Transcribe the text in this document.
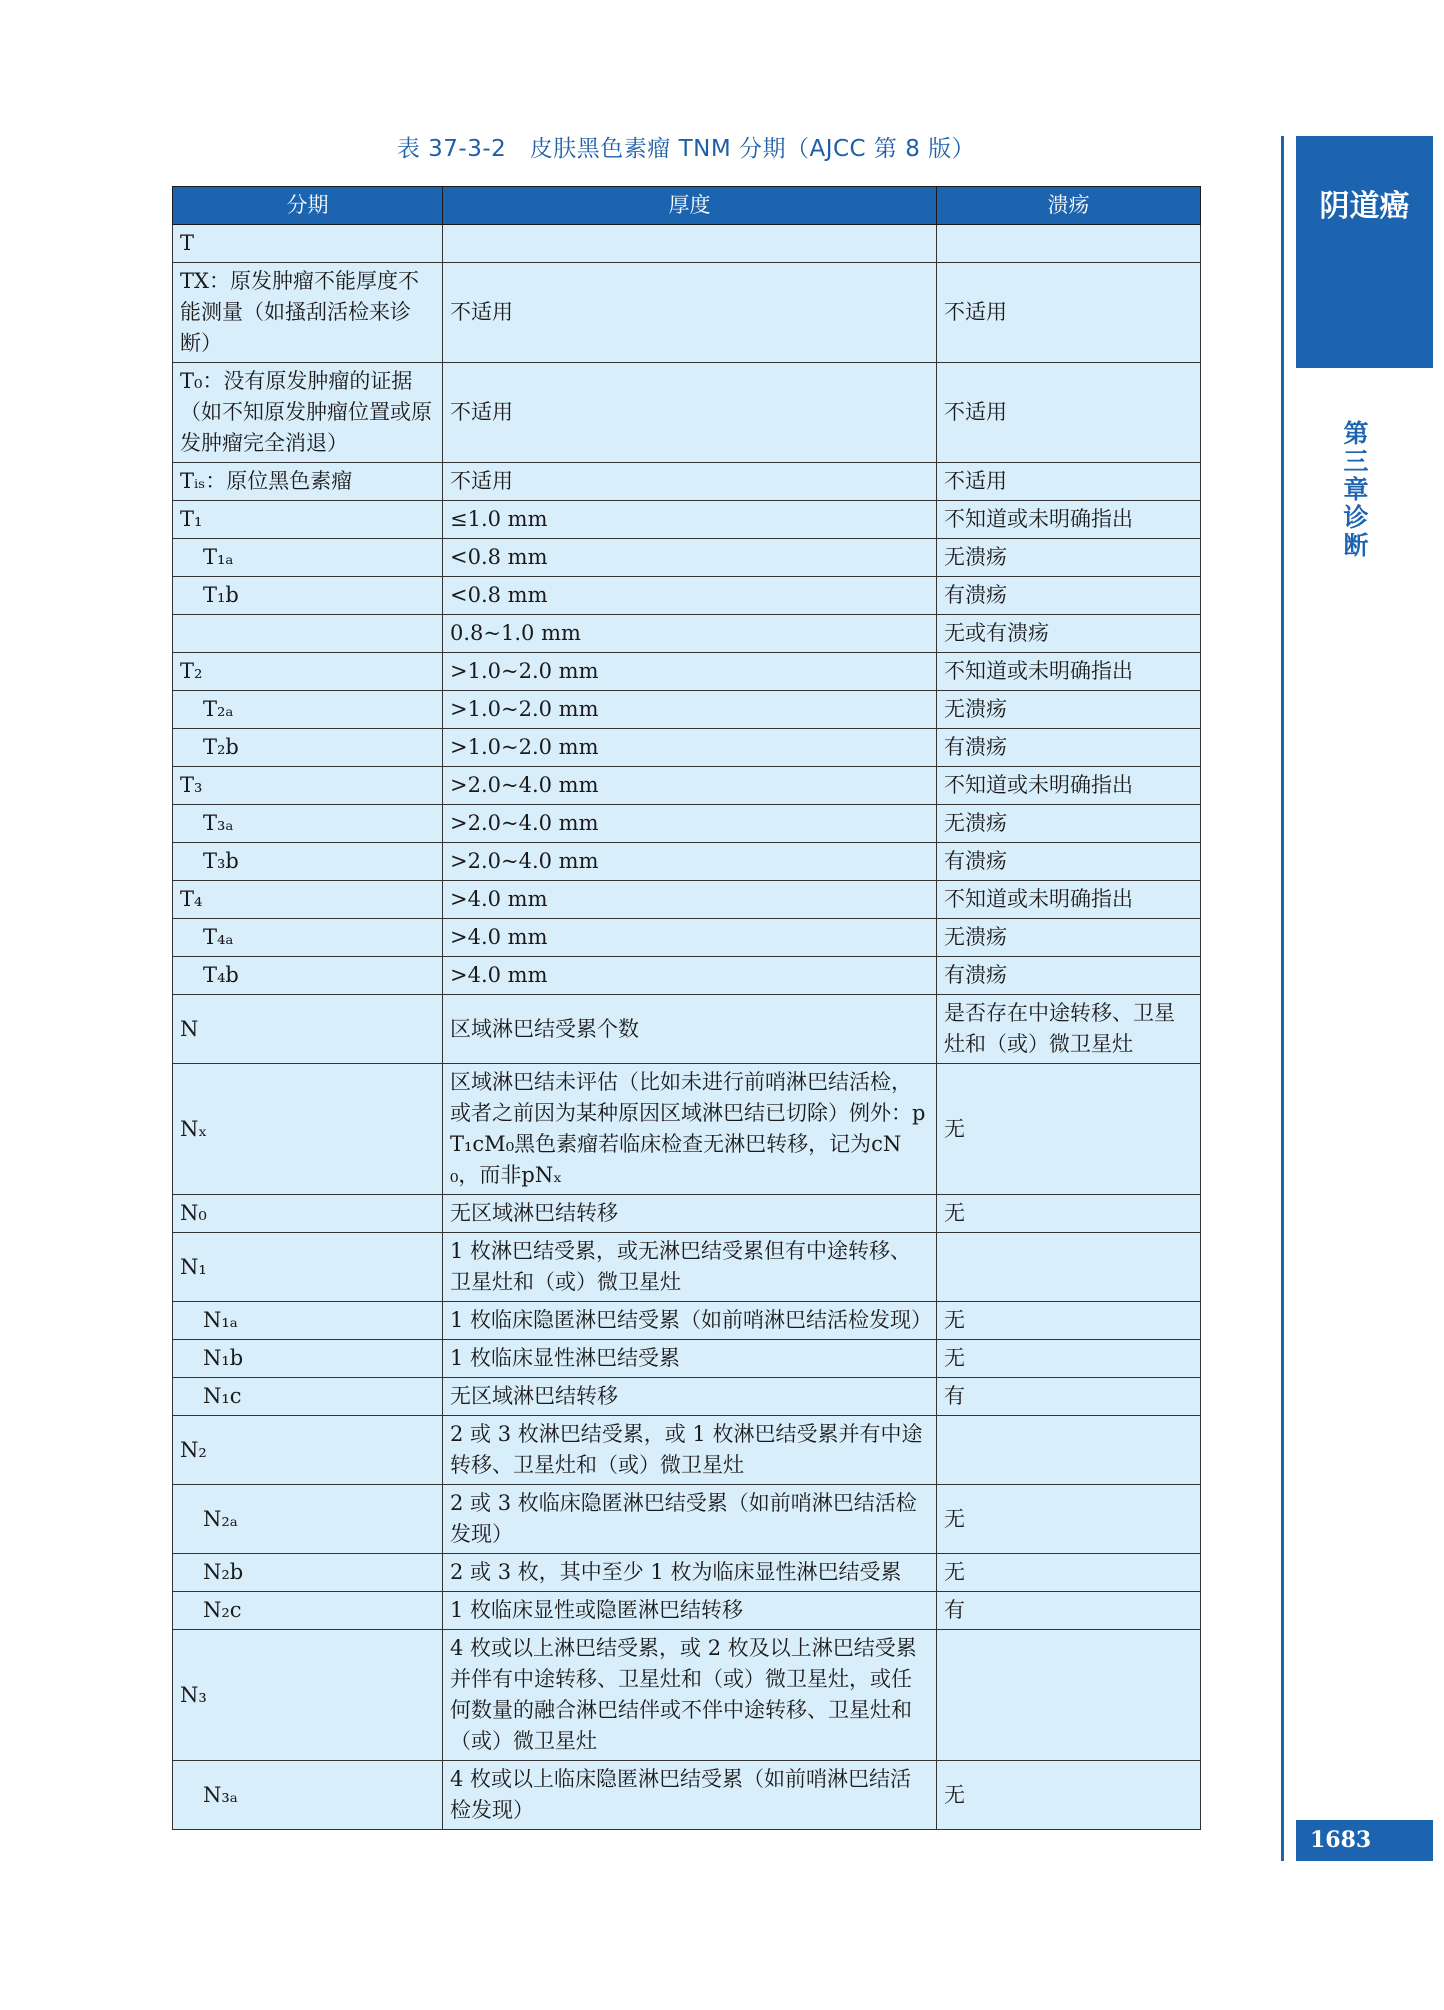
表 37-3-2　皮肤黑色素瘤 TNM 分期（AJCC 第 8 版）
分期	厚度	溃疡
T		
TX：原发肿瘤不能厚度不能测量（如搔刮活检来诊断）	不适用	不适用
T₀：没有原发肿瘤的证据（如不知原发肿瘤位置或原发肿瘤完全消退）	不适用	不适用
Tᵢₛ：原位黑色素瘤	不适用	不适用
T₁	≤1.0 mm	不知道或未明确指出
T₁ₐ	<0.8 mm	无溃疡
T₁b	<0.8 mm	有溃疡
	0.8~1.0 mm	无或有溃疡
T₂	>1.0~2.0 mm	不知道或未明确指出
T₂ₐ	>1.0~2.0 mm	无溃疡
T₂b	>1.0~2.0 mm	有溃疡
T₃	>2.0~4.0 mm	不知道或未明确指出
T₃ₐ	>2.0~4.0 mm	无溃疡
T₃b	>2.0~4.0 mm	有溃疡
T₄	>4.0 mm	不知道或未明确指出
T₄ₐ	>4.0 mm	无溃疡
T₄b	>4.0 mm	有溃疡
N	区域淋巴结受累个数	是否存在中途转移、卫星灶和（或）微卫星灶
Nₓ	区域淋巴结未评估（比如未进行前哨淋巴结活检，或者之前因为某种原因区域淋巴结已切除）例外：pT₁cM₀黑色素瘤若临床检查无淋巴转移，记为cN₀，而非pNₓ	无
N₀	无区域淋巴结转移	无
N₁	1 枚淋巴结受累，或无淋巴结受累但有中途转移、卫星灶和（或）微卫星灶	
N₁ₐ	1 枚临床隐匿淋巴结受累（如前哨淋巴结活检发现）	无
N₁b	1 枚临床显性淋巴结受累	无
N₁c	无区域淋巴结转移	有
N₂	2 或 3 枚淋巴结受累，或 1 枚淋巴结受累并有中途转移、卫星灶和（或）微卫星灶	
N₂ₐ	2 或 3 枚临床隐匿淋巴结受累（如前哨淋巴结活检发现）	无
N₂b	2 或 3 枚，其中至少 1 枚为临床显性淋巴结受累	无
N₂c	1 枚临床显性或隐匿淋巴结转移	有
N₃	4 枚或以上淋巴结受累，或 2 枚及以上淋巴结受累并伴有中途转移、卫星灶和（或）微卫星灶，或任何数量的融合淋巴结伴或不伴中途转移、卫星灶和（或）微卫星灶	
N₃ₐ	4 枚或以上临床隐匿淋巴结受累（如前哨淋巴结活检发现）	无
阴道癌
第三章 诊断
1683
